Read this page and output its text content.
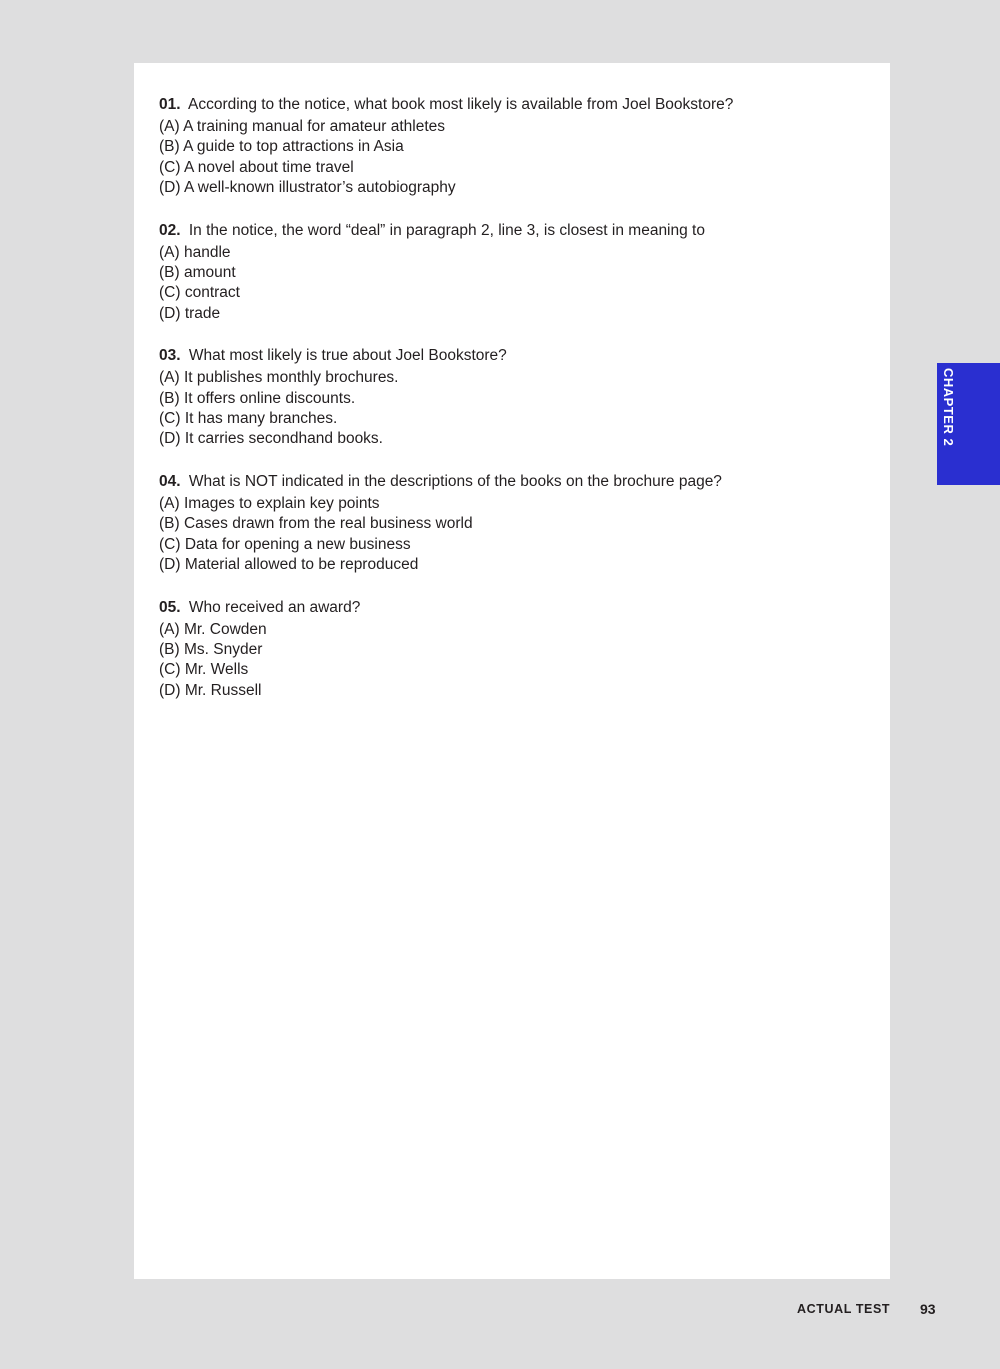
01. According to the notice, what book most likely is available from Joel Bookstore?
(A) A training manual for amateur athletes
(B) A guide to top attractions in Asia
(C) A novel about time travel
(D) A well-known illustrator’s autobiography
02. In the notice, the word “deal” in paragraph 2, line 3, is closest in meaning to
(A) handle
(B) amount
(C) contract
(D) trade
03. What most likely is true about Joel Bookstore?
(A) It publishes monthly brochures.
(B) It offers online discounts.
(C) It has many branches.
(D) It carries secondhand books.
04. What is NOT indicated in the descriptions of the books on the brochure page?
(A) Images to explain key points
(B) Cases drawn from the real business world
(C) Data for opening a new business
(D) Material allowed to be reproduced
05. Who received an award?
(A) Mr. Cowden
(B) Ms. Snyder
(C) Mr. Wells
(D) Mr. Russell
CHAPTER 2
ACTUAL TEST 93
